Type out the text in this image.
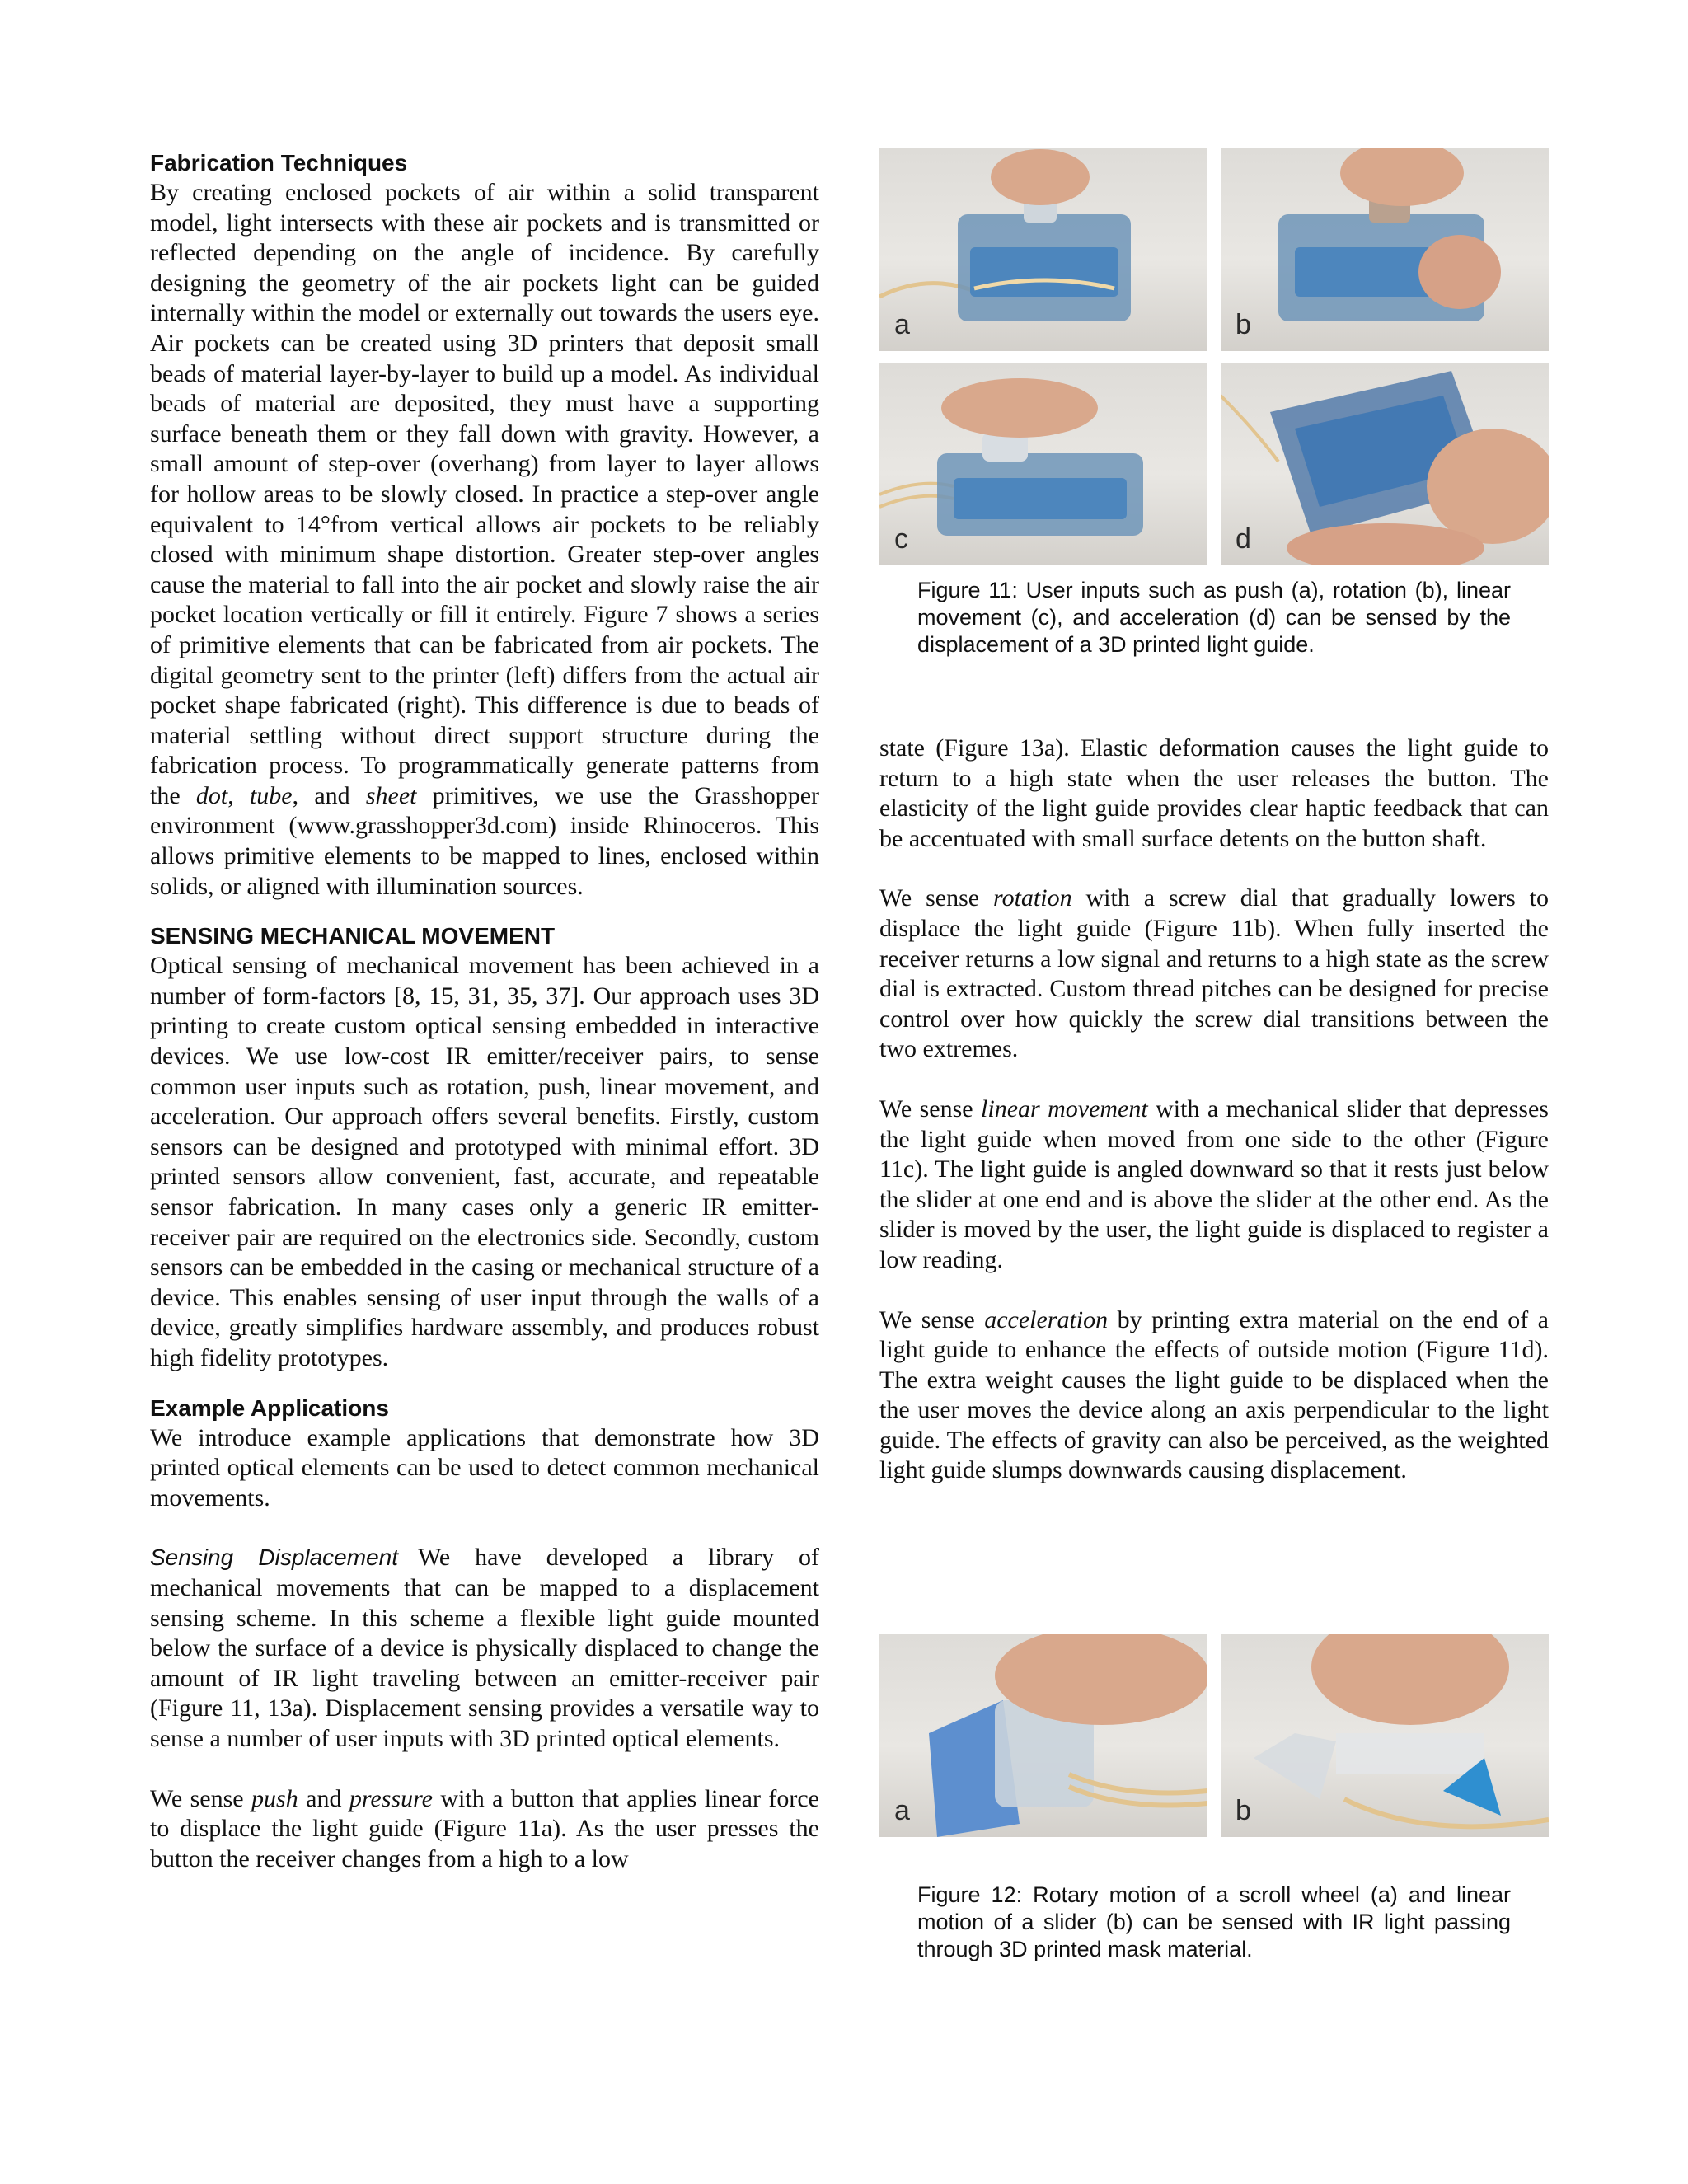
Fabrication Techniques

By creating enclosed pockets of air within a solid transparent model, light intersects with these air pockets and is transmitted or reflected depending on the angle of incidence. By carefully designing the geometry of the air pockets light can be guided internally within the model or externally out towards the users eye. Air pockets can be created using 3D printers that deposit small beads of material layer-by-layer to build up a model. As individual beads of material are deposited, they must have a supporting surface beneath them or they fall down with gravity. However, a small amount of step-over (overhang) from layer to layer allows for hollow areas to be slowly closed. In practice a step-over angle equivalent to 14°from vertical allows air pockets to be reliably closed with minimum shape distortion. Greater step-over angles cause the material to fall into the air pocket and slowly raise the air pocket location vertically or fill it entirely. Figure 7 shows a series of primitive elements that can be fabricated from air pockets. The digital geometry sent to the printer (left) differs from the actual air pocket shape fabricated (right). This difference is due to beads of material settling without direct support structure during the fabrication process. To programmatically generate patterns from the dot, tube, and sheet primitives, we use the Grasshopper environment (www.grasshopper3d.com) inside Rhinoceros. This allows primitive elements to be mapped to lines, enclosed within solids, or aligned with illumination sources.

SENSING MECHANICAL MOVEMENT

Optical sensing of mechanical movement has been achieved in a number of form-factors [8, 15, 31, 35, 37]. Our approach uses 3D printing to create custom optical sensing embedded in interactive devices. We use low-cost IR emitter/receiver pairs, to sense common user inputs such as rotation, push, linear movement, and acceleration. Our approach offers several benefits. Firstly, custom sensors can be designed and prototyped with minimal effort. 3D printed sensors allow convenient, fast, accurate, and repeatable sensor fabrication. In many cases only a generic IR emitter-receiver pair are required on the electronics side. Secondly, custom sensors can be embedded in the casing or mechanical structure of a device. This enables sensing of user input through the walls of a device, greatly simplifies hardware assembly, and produces robust high fidelity prototypes.

Example Applications

We introduce example applications that demonstrate how 3D printed optical elements can be used to detect common mechanical movements.

Sensing Displacement We have developed a library of mechanical movements that can be mapped to a displacement sensing scheme. In this scheme a flexible light guide mounted below the surface of a device is physically displaced to change the amount of IR light traveling between an emitter-receiver pair (Figure 11, 13a). Displacement sensing provides a versatile way to sense a number of user inputs with 3D printed optical elements.

We sense push and pressure with a button that applies linear force to displace the light guide (Figure 11a). As the user presses the button the receiver changes from a high to a low

a	b
c	d

Figure 11: User inputs such as push (a), rotation (b), linear movement (c), and acceleration (d) can be sensed by the displacement of a 3D printed light guide.

state (Figure 13a). Elastic deformation causes the light guide to return to a high state when the user releases the button. The elasticity of the light guide provides clear haptic feedback that can be accentuated with small surface detents on the button shaft.

We sense rotation with a screw dial that gradually lowers to displace the light guide (Figure 11b). When fully inserted the receiver returns a low signal and returns to a high state as the screw dial is extracted. Custom thread pitches can be designed for precise control over how quickly the screw dial transitions between the two extremes.

We sense linear movement with a mechanical slider that depresses the light guide when moved from one side to the other (Figure 11c). The light guide is angled downward so that it rests just below the slider at one end and is above the slider at the other end. As the slider is moved by the user, the light guide is displaced to register a low reading.

We sense acceleration by printing extra material on the end of a light guide to enhance the effects of outside motion (Figure 11d). The extra weight causes the light guide to be displaced when the the user moves the device along an axis perpendicular to the light guide. The effects of gravity can also be perceived, as the weighted light guide slumps downwards causing displacement.

a	b

Figure 12: Rotary motion of a scroll wheel (a) and linear motion of a slider (b) can be sensed with IR light passing through 3D printed mask material.
